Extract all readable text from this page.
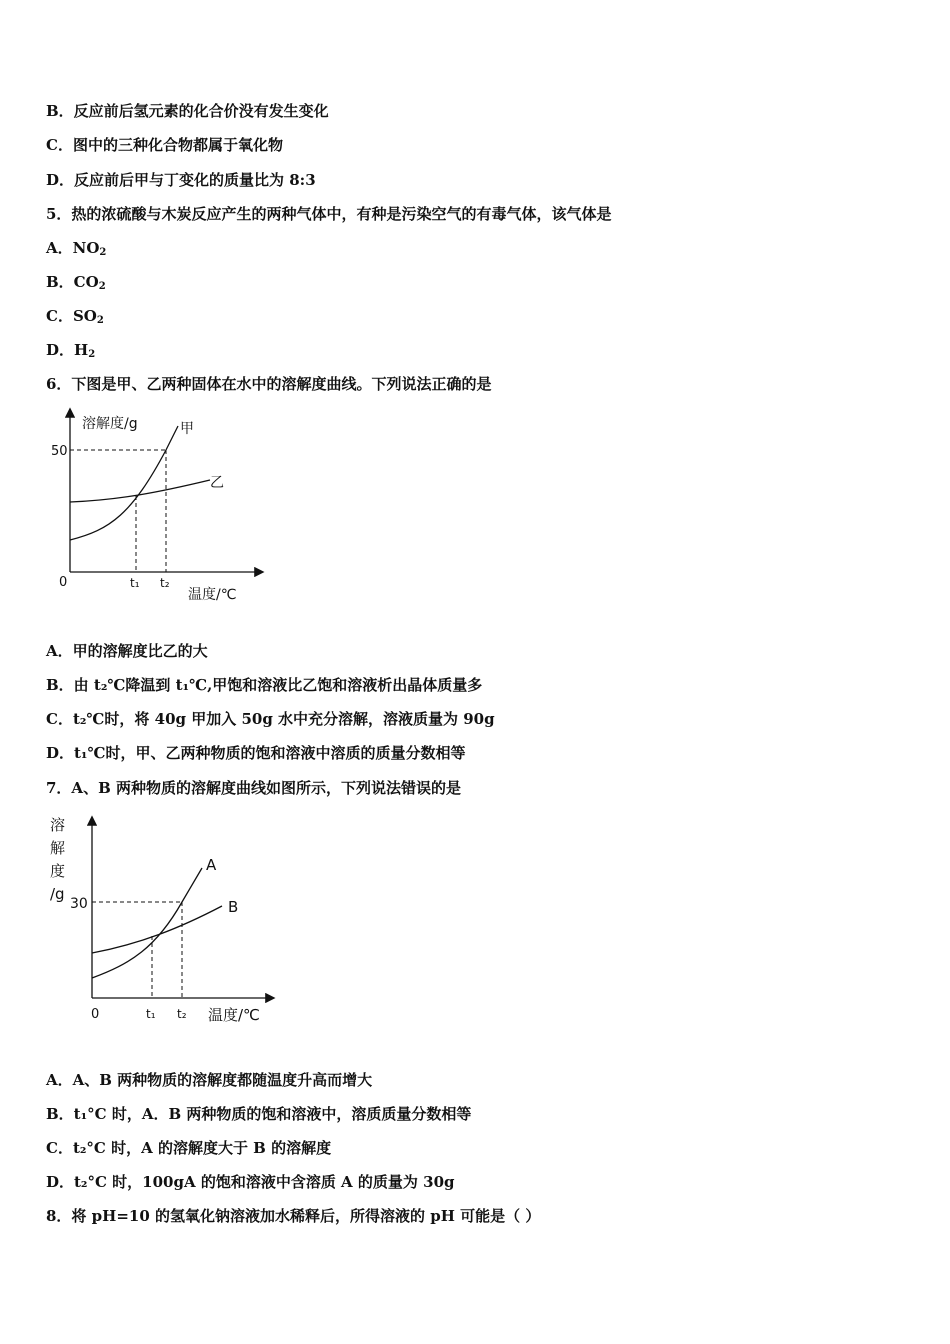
B．反应前后氢元素的化合价没有发生变化
C．图中的三种化合物都属于氧化物
D．反应前后甲与丁变化的质量比为 8:3
5．热的浓硫酸与木炭反应产生的两种气体中，有种是污染空气的有毒气体，该气体是
A．$NO_2$
B．$CO_2$
C．$SO_2$
D．$H_2$
6．下图是甲、乙两种固体在水中的溶解度曲线。下列说法正确的是
溶解度/g
50
0	t₁ t₂
温度/℃
甲
乙
A．甲的溶解度比乙的大
B．由 t₂℃降温到 t₁℃,甲饱和溶液比乙饱和溶液析出晶体质量多
C．t₂℃时，将 40g 甲加入 50g 水中充分溶解，溶液质量为 90g
D．t₁℃时，甲、乙两种物质的饱和溶液中溶质的质量分数相等
7．A、B 两种物质的溶解度曲线如图所示，下列说法错误的是
溶
解
度
/g
30
0	t₁ t₂ 温度/℃
A
B
A．A、B 两种物质的溶解度都随温度升高而增大
B．t₁°C 时，A．B 两种物质的饱和溶液中，溶质质量分数相等
C．t₂°C 时，A 的溶解度大于 B 的溶解度
D．t₂°C 时，100gA 的饱和溶液中含溶质 A 的质量为 30g
8．将 pH=10 的氢氧化钠溶液加水稀释后，所得溶液的 pH 可能是（ ）
